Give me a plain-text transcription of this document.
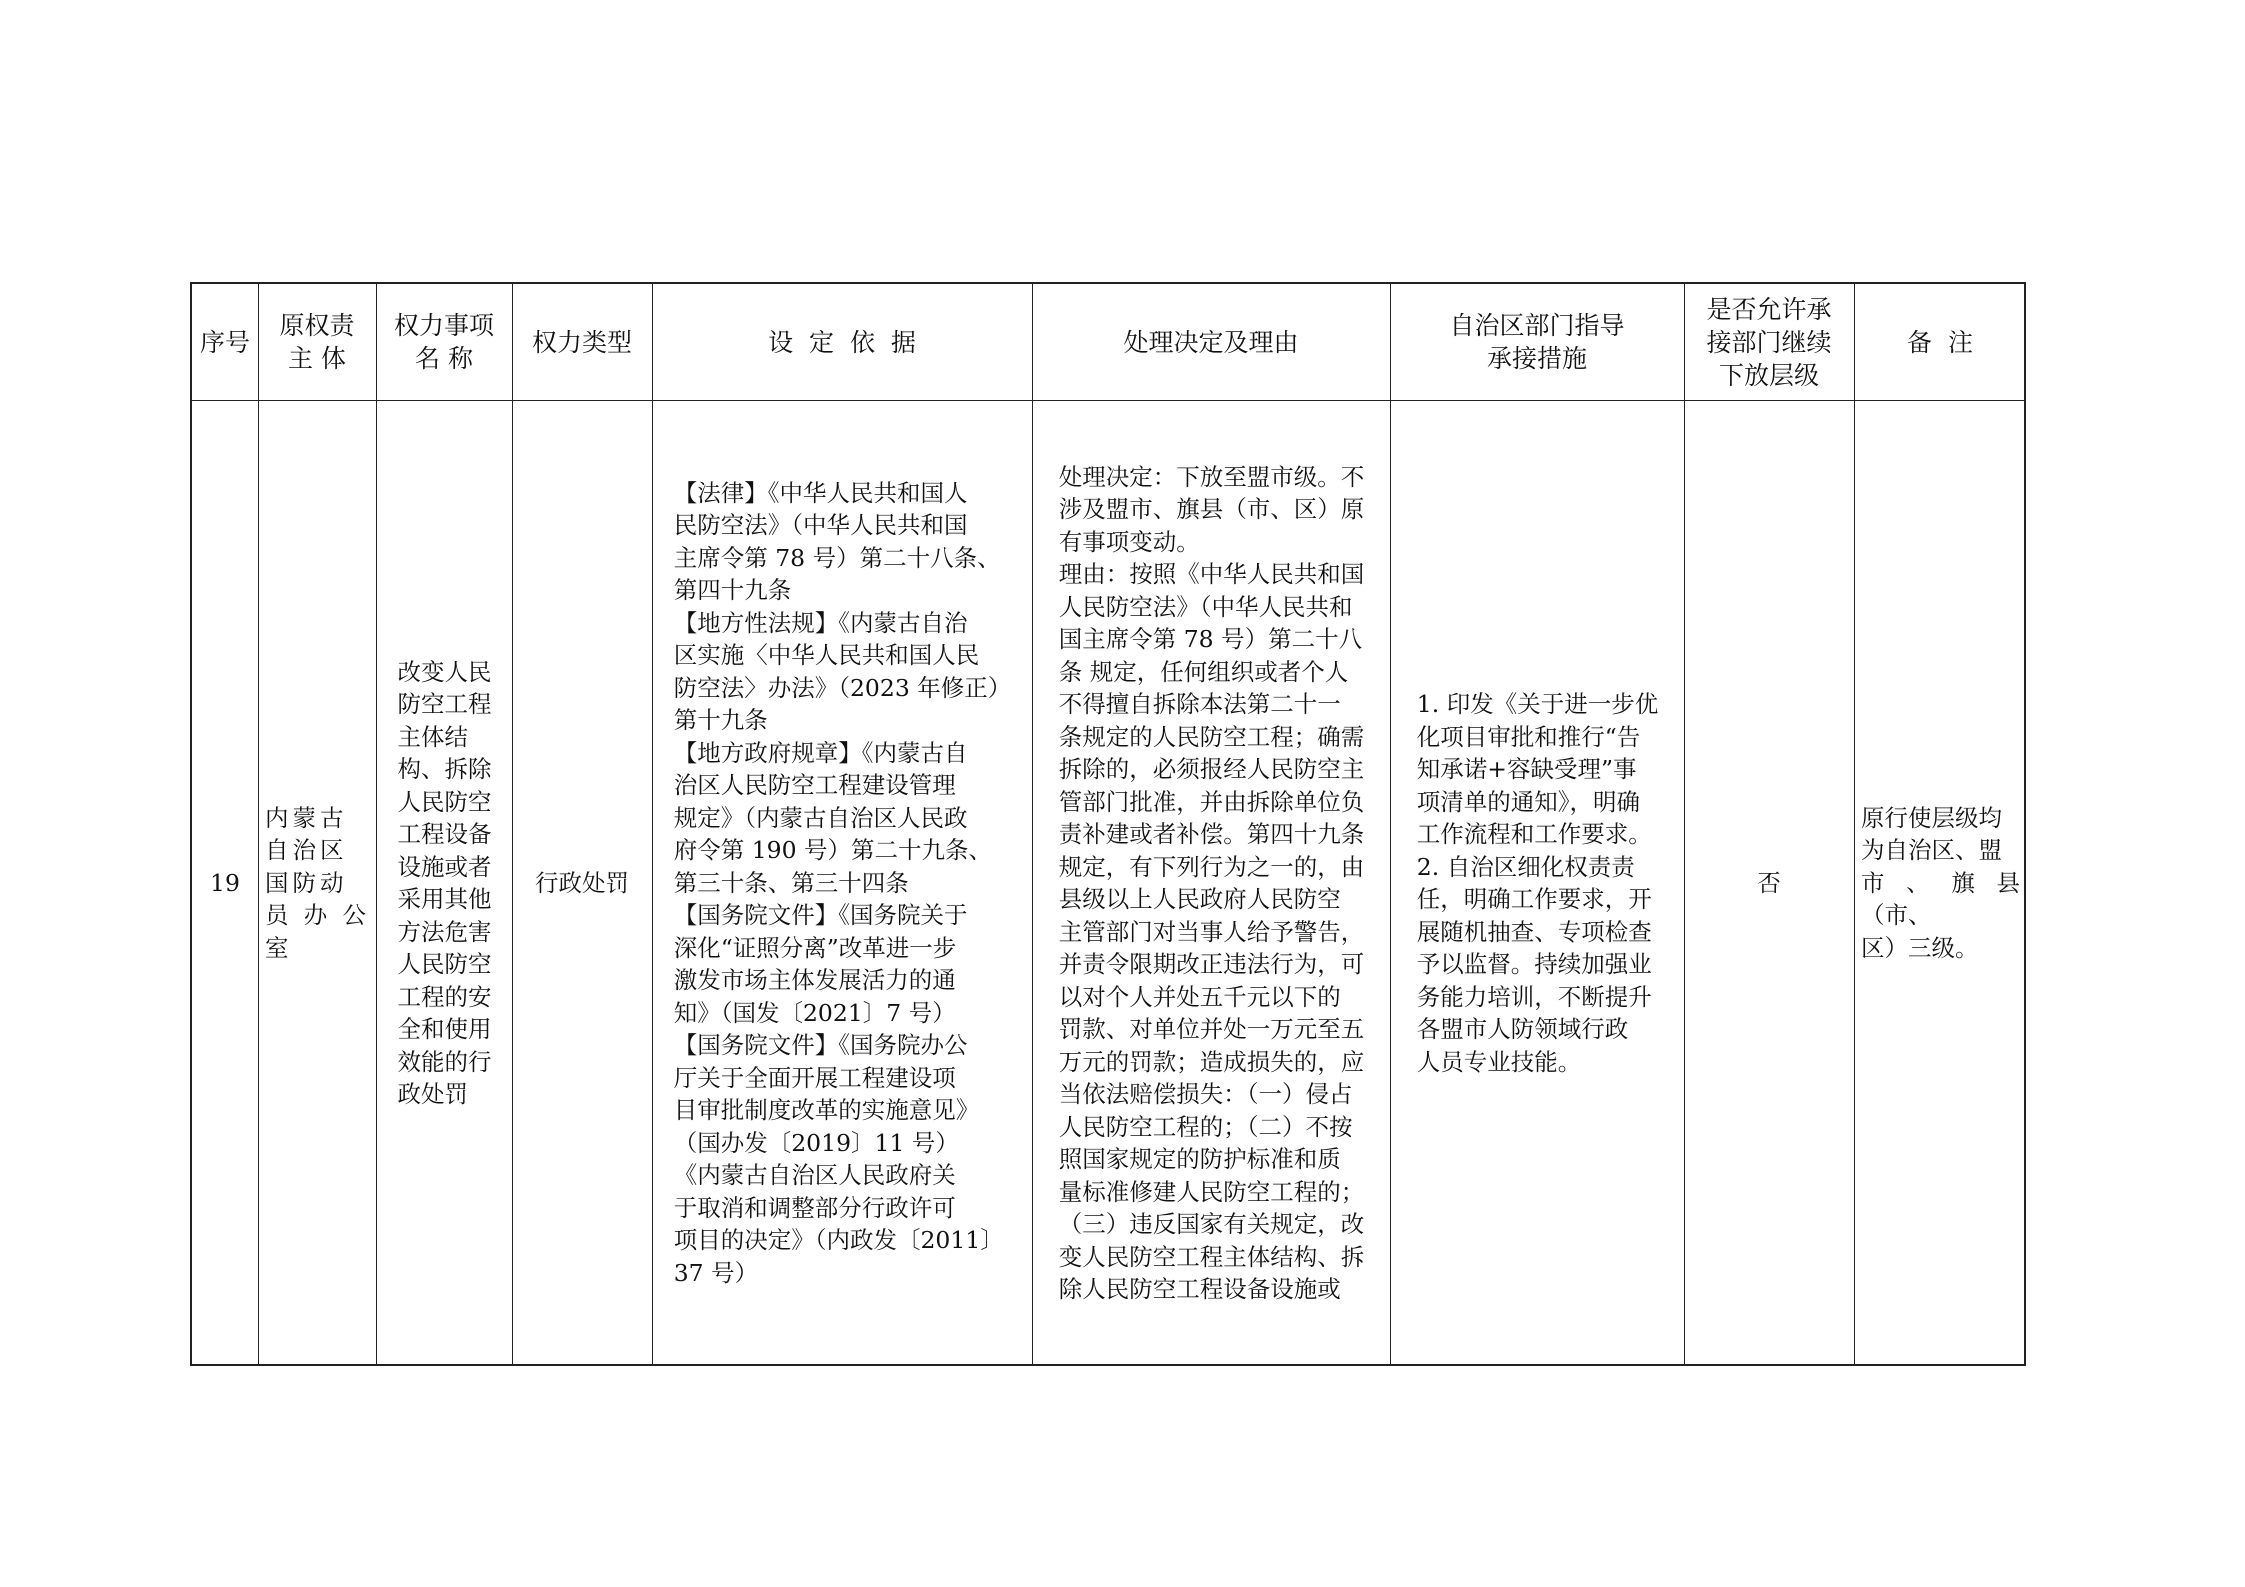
序号
原权责
主 体
权力事项
名 称
权力类型	设  定  依  据	处理决定及理由
自治区部门指导
承接措施
是否允许承
接部门继续
下放层级
备  注
19
内蒙古
自治区
国防动
员办公室
改变人民
防空工程
主体结
构、拆除
人民防空
工程设备
设施或者
采用其他
方法危害
人民防空
工程的安
全和使用
效能的行
政处罚
行政处罚
【法律】《中华人民共和国人
民防空法》（中华人民共和国
主席令第 78 号）第二十八条、
第四十九条
【地方性法规】《内蒙古自治
区实施〈中华人民共和国人民
防空法〉办法》（2023 年修正）
第十九条
【地方政府规章】《内蒙古自
治区人民防空工程建设管理
规定》（内蒙古自治区人民政
府令第 190 号）第二十九条、
第三十条、第三十四条
【国务院文件】《国务院关于
深化“证照分离”改革进一步
激发市场主体发展活力的通
知》（国发〔2021〕7 号）
【国务院文件】《国务院办公
厅关于全面开展工程建设项
目审批制度改革的实施意见》
（国办发〔2019〕11 号）
《内蒙古自治区人民政府关
于取消和调整部分行政许可
项目的决定》（内政发〔2011〕
37 号）
处理决定：下放至盟市级。不
涉及盟市、旗县（市、区）原
有事项变动。
理由：按照《中华人民共和国
人民防空法》（中华人民共和
国主席令第 78 号）第二十八
条 规定，任何组织或者个人
不得擅自拆除本法第二十一
条规定的人民防空工程；确需
拆除的，必须报经人民防空主
管部门批准，并由拆除单位负
责补建或者补偿。第四十九条
规定，有下列行为之一的，由
县级以上人民政府人民防空
主管部门对当事人给予警告，
并责令限期改正违法行为，可
以对个人并处五千元以下的
罚款、对单位并处一万元至五
万元的罚款；造成损失的，应
当依法赔偿损失：（一）侵占
人民防空工程的；（二）不按
照国家规定的防护标准和质
量标准修建人民防空工程的；
（三）违反国家有关规定，改
变人民防空工程主体结构、拆
除人民防空工程设备设施或
1. 印发《关于进一步优
化项目审批和推行“告
知承诺+容缺受理”事
项清单的通知》，明确
工作流程和工作要求。
2. 自治区细化权责责
任，明确工作要求，开
展随机抽查、专项检查
予以监督。持续加强业
务能力培训，不断提升
各盟市人防领域行政
人员专业技能。
否
原行使层级均
为自治区、盟
市、旗县（市、
区）三级。
